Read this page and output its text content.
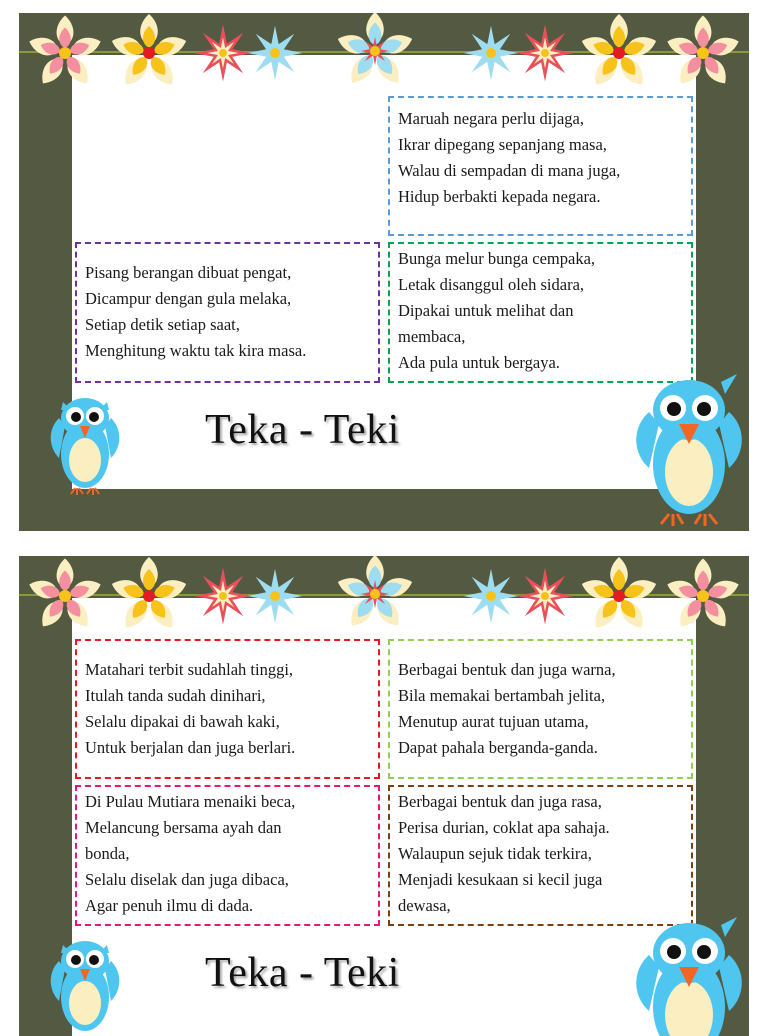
Maruah negara perlu dijaga,
Ikrar dipegang sepanjang masa,
Walau di sempadan di mana juga,
Hidup berbakti kepada negara.

Pisang berangan dibuat pengat,
Dicampur dengan gula melaka,
Setiap detik setiap saat,
Menghitung waktu tak kira masa.

Bunga melur bunga cempaka,
Letak disanggul oleh sidara,
Dipakai untuk melihat dan
membaca,
Ada pula untuk bergaya.

Teka - Teki

Matahari terbit sudahlah tinggi,
Itulah tanda sudah dinihari,
Selalu dipakai di bawah kaki,
Untuk berjalan dan juga berlari.

Berbagai bentuk dan juga warna,
Bila memakai bertambah jelita,
Menutup aurat tujuan utama,
Dapat pahala berganda-ganda.

Di Pulau Mutiara menaiki beca,
Melancung bersama ayah dan
bonda,
Selalu diselak dan juga dibaca,
Agar penuh ilmu di dada.

Berbagai bentuk dan juga rasa,
Perisa durian, coklat apa sahaja.
Walaupun sejuk tidak terkira,
Menjadi kesukaan si kecil juga
dewasa,

Teka - Teki
